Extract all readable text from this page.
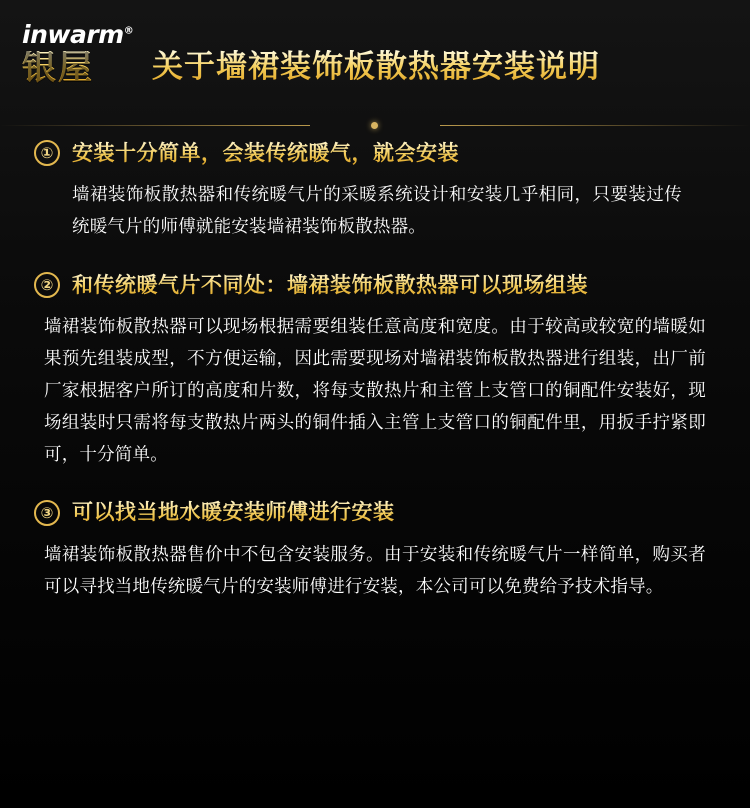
inwarm®
银屋	关于墙裙装饰板散热器安装说明
① 安装十分简单，会装传统暖气，就会安装
墙裙装饰板散热器和传统暖气片的采暖系统设计和安装几乎相同，只要装过传统暖气片的师傅就能安装墙裙装饰板散热器。
② 和传统暖气片不同处：墙裙装饰板散热器可以现场组装
墙裙装饰板散热器可以现场根据需要组装任意高度和宽度。由于较高或较宽的墙暖如果预先组装成型，不方便运输，因此需要现场对墙裙装饰板散热器进行组装，出厂前厂家根据客户所订的高度和片数，将每支散热片和主管上支管口的铜配件安装好，现场组装时只需将每支散热片两头的铜件插入主管上支管口的铜配件里，用扳手拧紧即可，十分简单。
③ 可以找当地水暖安装师傅进行安装
墙裙装饰板散热器售价中不包含安装服务。由于安装和传统暖气片一样简单，购买者可以寻找当地传统暖气片的安装师傅进行安装，本公司可以免费给予技术指导。
